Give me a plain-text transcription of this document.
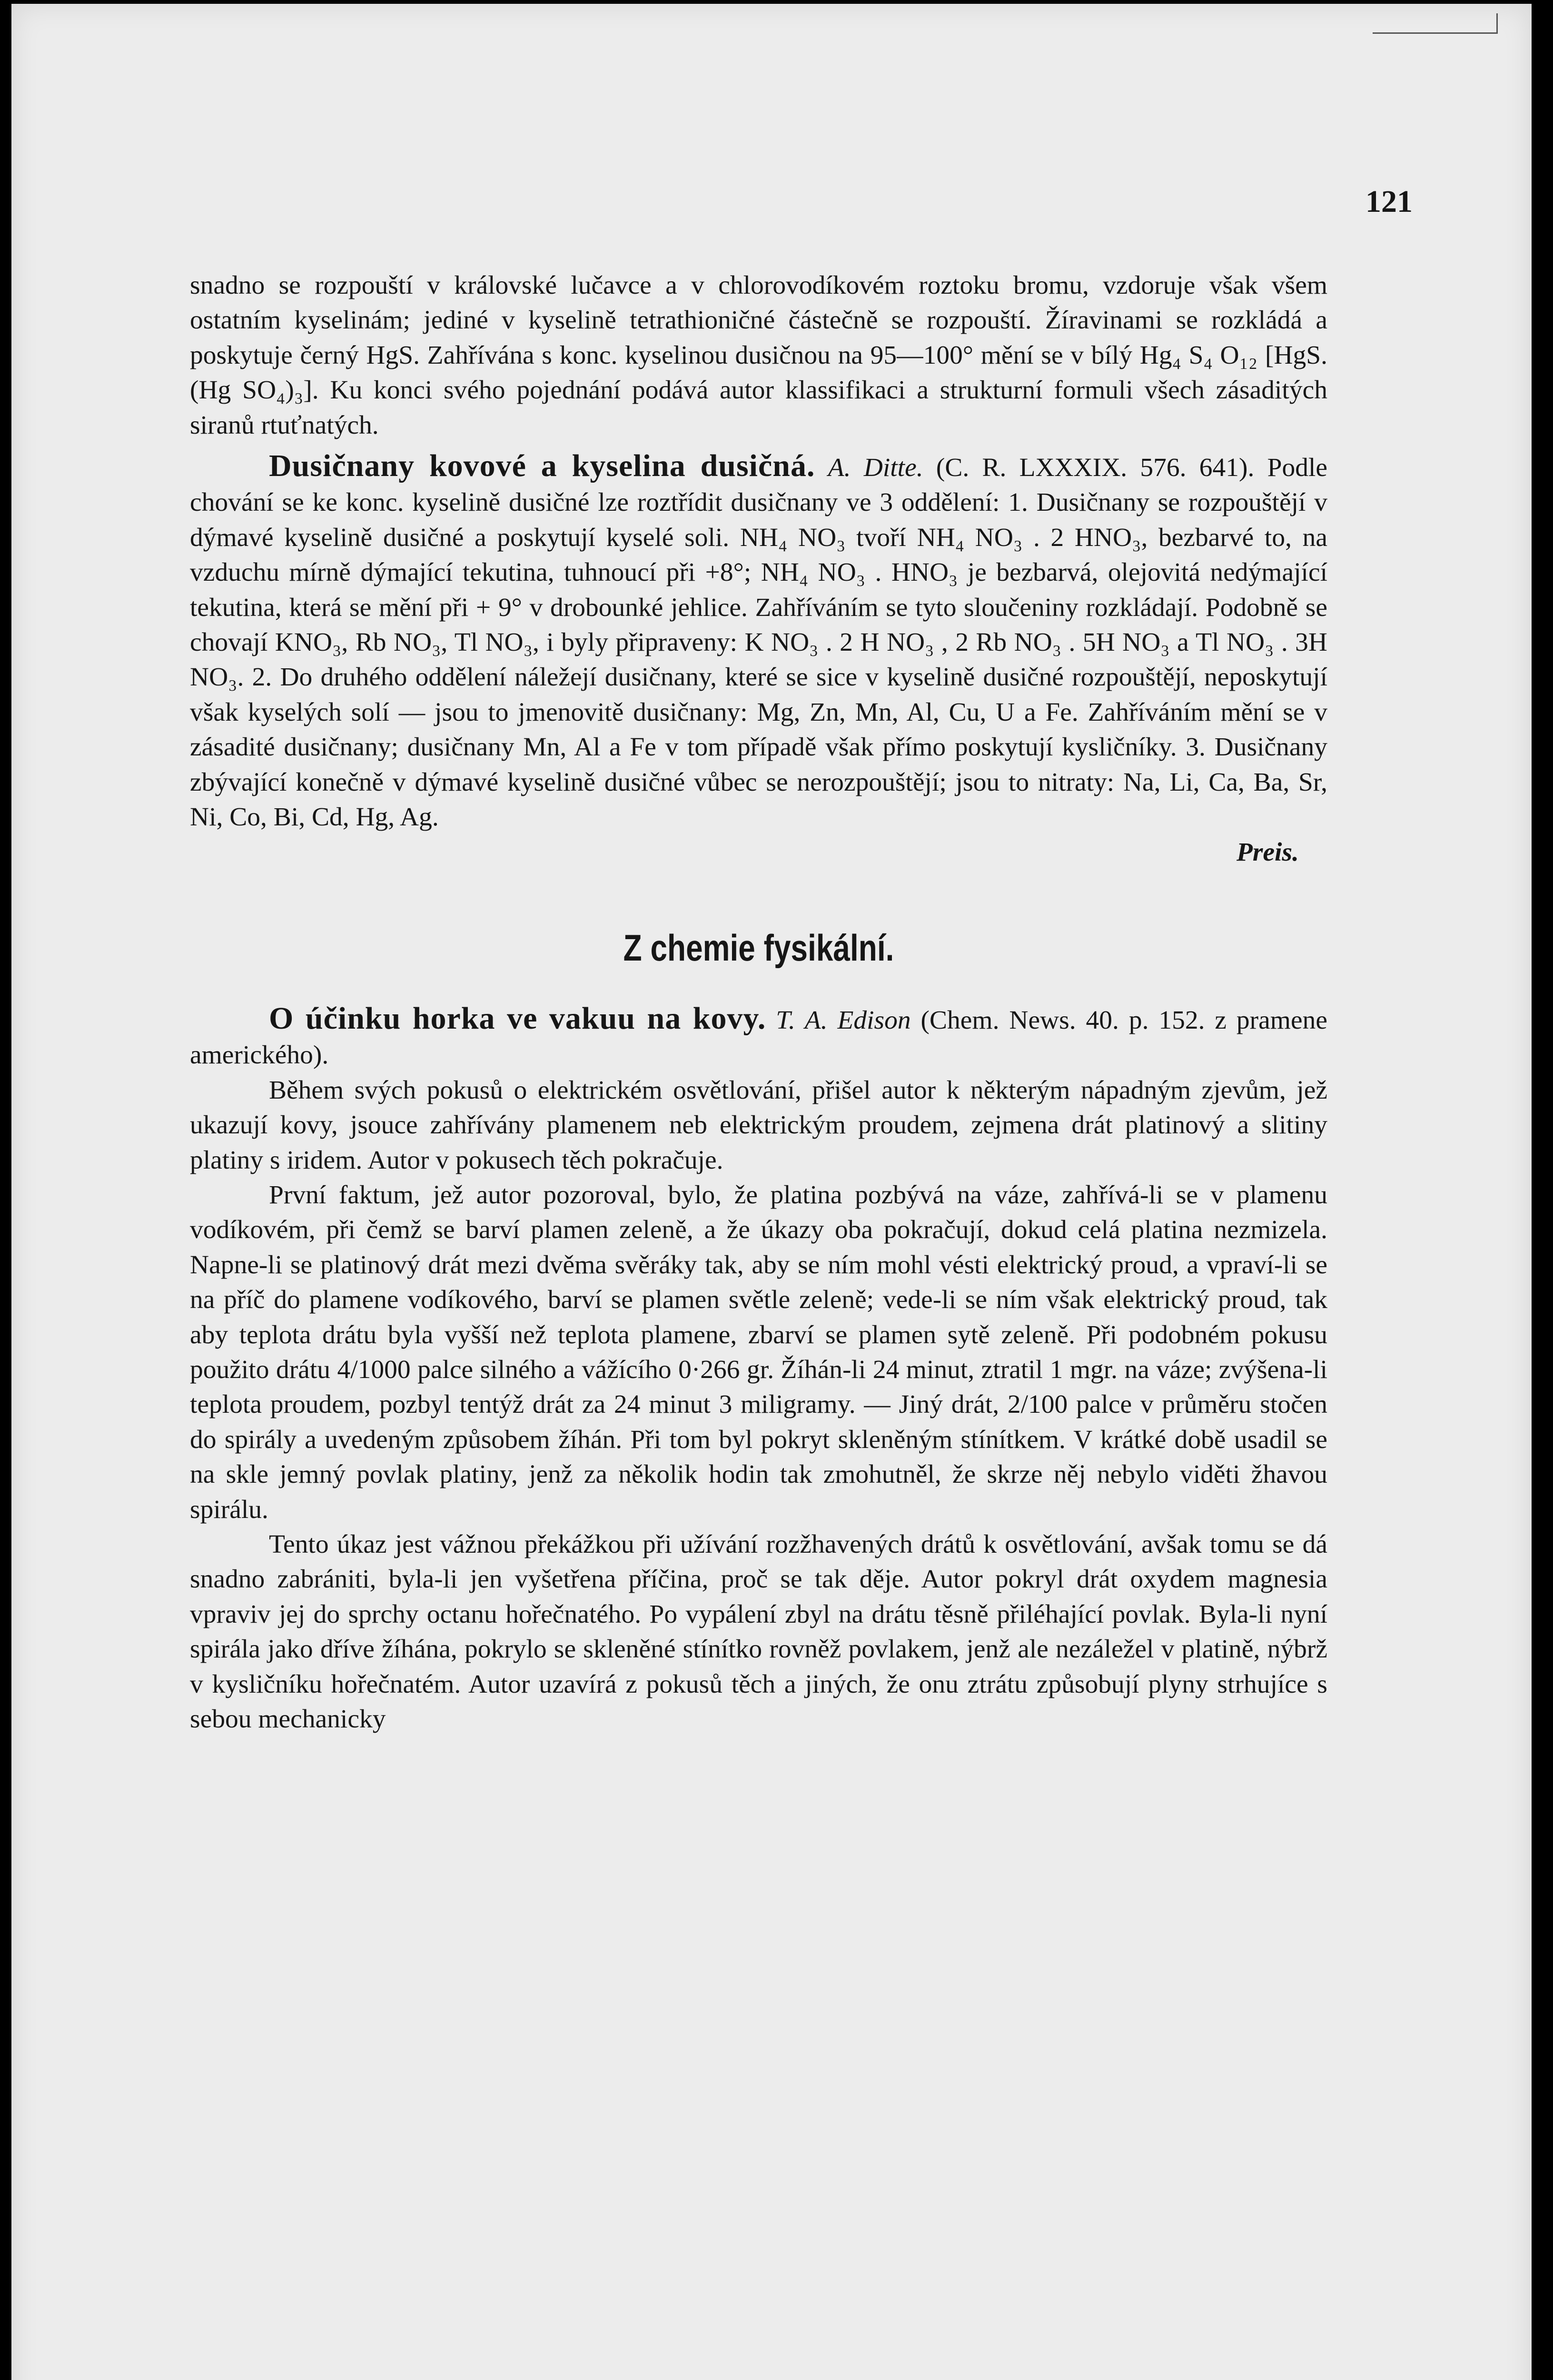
121

snadno se rozpouští v královské lučavce a v chlorovodíkovém roztoku bromu, vzdoruje však všem ostatním kyselinám; jediné v kyselině tetrathioničné částečně se rozpouští. Žíravinami se rozkládá a poskytuje černý HgS. Zahřívána s konc. kyselinou dusičnou na 95—100° mění se v bílý Hg₄ S₄ O₁₂ [HgS. (Hg SO₄)₃]. Ku konci svého pojednání podává autor klassifikaci a strukturní formuli všech zásaditých siranů rtuťnatých.

Dusičnany kovové a kyselina dusičná. A. Ditte. (C. R. LXXXIX. 576. 641). Podle chování se ke konc. kyselině dusičné lze roztřídit dusičnany ve 3 oddělení: 1. Dusičnany se rozpouštějí v dýmavé kyselině dusičné a poskytují kyselé soli. NH₄ NO₃ tvoří NH₄ NO₃ . 2 HNO₃, bezbarvé to, na vzduchu mírně dýmající tekutina, tuhnoucí při +8°; NH₄ NO₃ . HNO₃ je bezbarvá, olejovitá nedýmající tekutina, která se mění při + 9° v drobounké jehlice. Zahříváním se tyto sloučeniny rozkládají. Podobně se chovají KNO₃, Rb NO₃, Tl NO₃, i byly připraveny: K NO₃ . 2 H NO₃ , 2 Rb NO₃ . 5H NO₃ a Tl NO₃ . 3H NO₃. 2. Do druhého oddělení náležejí dusičnany, které se sice v kyselině dusičné rozpouštějí, neposkytují však kyselých solí — jsou to jmenovitě dusičnany: Mg, Zn, Mn, Al, Cu, U a Fe. Zahříváním mění se v zásadité dusičnany; dusičnany Mn, Al a Fe v tom případě však přímo poskytují kysličníky. 3. Dusičnany zbývající konečně v dýmavé kyselině dusičné vůbec se nerozpouštějí; jsou to nitraty: Na, Li, Ca, Ba, Sr, Ni, Co, Bi, Cd, Hg, Ag.

Preis.

Z chemie fysikální.

O účinku horka ve vakuu na kovy. T. A. Edison (Chem. News. 40. p. 152. z pramene amerického).

Během svých pokusů o elektrickém osvětlování, přišel autor k některým nápadným zjevům, jež ukazují kovy, jsouce zahřívány plamenem neb elektrickým proudem, zejmena drát platinový a slitiny platiny s iridem. Autor v pokusech těch pokračuje.

První faktum, jež autor pozoroval, bylo, že platina pozbývá na váze, zahřívá-li se v plamenu vodíkovém, při čemž se barví plamen zeleně, a že úkazy oba pokračují, dokud celá platina nezmizela. Napne-li se platinový drát mezi dvěma svěráky tak, aby se ním mohl vésti elektrický proud, a vpraví-li se na příč do plamene vodíkového, barví se plamen světle zeleně; vede-li se ním však elektrický proud, tak aby teplota drátu byla vyšší než teplota plamene, zbarví se plamen sytě zeleně. Při podobném pokusu použito drátu 4/1000 palce silného a vážícího 0·266 gr. Žíhán-li 24 minut, ztratil 1 mgr. na váze; zvýšena-li teplota proudem, pozbyl tentýž drát za 24 minut 3 miligramy. — Jiný drát, 2/100 palce v průměru stočen do spirály a uvedeným způsobem žíhán. Při tom byl pokryt skleněným stínítkem. V krátké době usadil se na skle jemný povlak platiny, jenž za několik hodin tak zmohutněl, že skrze něj nebylo viděti žhavou spirálu.

Tento úkaz jest vážnou překážkou při užívání rozžhavených drátů k osvětlování, avšak tomu se dá snadno zabrániti, byla-li jen vyšetřena příčina, proč se tak děje. Autor pokryl drát oxydem magnesia vpraviv jej do sprchy octanu hořečnatého. Po vypálení zbyl na drátu těsně přiléhající povlak. Byla-li nyní spirála jako dříve žíhána, pokrylo se skleněné stínítko rovněž povlakem, jenž ale nezáležel v platině, nýbrž v kysličníku hořečnatém. Autor uzavírá z pokusů těch a jiných, že onu ztrátu způsobují plyny strhujíce s sebou mechanicky
